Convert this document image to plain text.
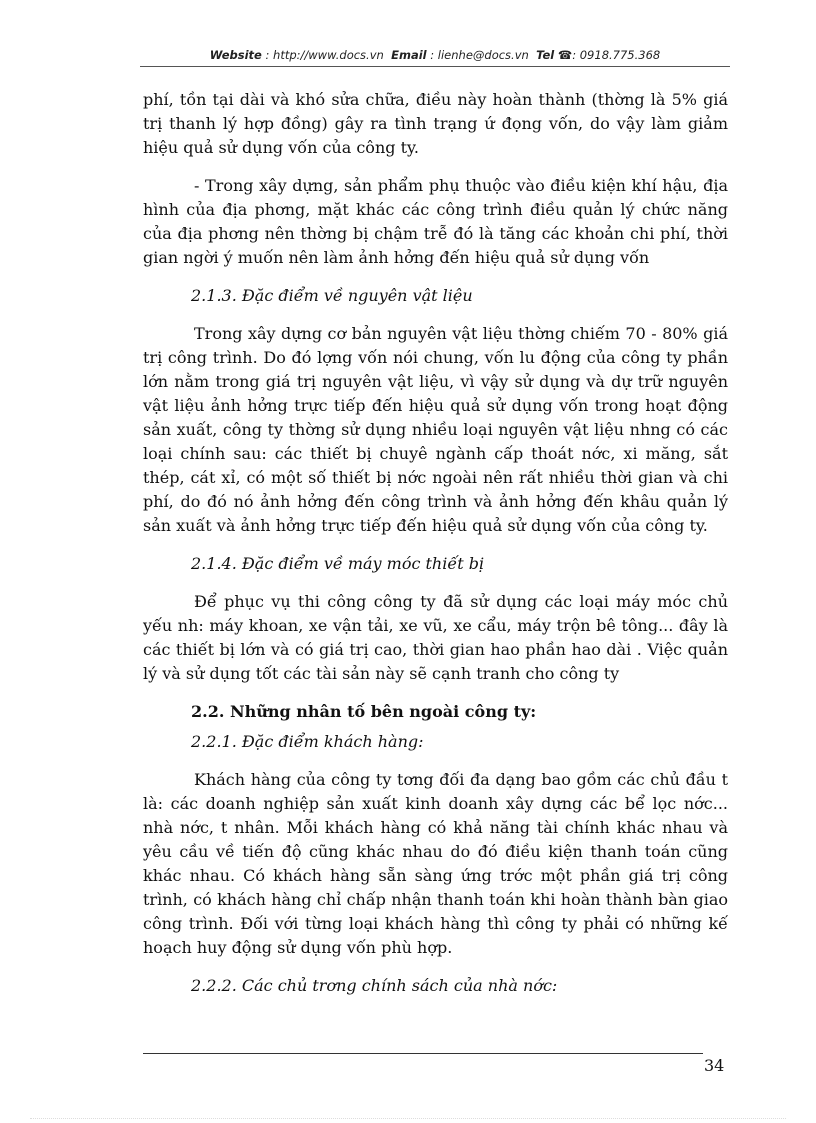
Website : http://www.docs.vn Email : lienhe@docs.vn Tel ☎: 0918.775.368

phí, tồn tại dài và khó sửa chữa, điều này hoàn thành (thờng là 5% giá trị thanh lý hợp đồng) gây ra tình trạng ứ đọng vốn, do vậy làm giảm hiệu quả sử dụng vốn của công ty.

- Trong xây dựng, sản phẩm phụ thuộc vào điều kiện khí hậu, địa hình của địa phơng, mặt khác các công trình điều quản lý chức năng của địa phơng nên thờng bị chậm trễ đó là tăng các khoản chi phí, thời gian ngời ý muốn nên làm ảnh hởng đến hiệu quả sử dụng vốn

2.1.3. Đặc điểm về nguyên vật liệu

Trong xây dựng cơ bản nguyên vật liệu thờng chiếm 70 - 80% giá trị công trình. Do đó lợng vốn nói chung, vốn lu động của công ty phần lớn nằm trong giá trị nguyên vật liệu, vì vậy sử dụng và dự trữ nguyên vật liệu ảnh hởng trực tiếp đến hiệu quả sử dụng vốn trong hoạt động sản xuất, công ty thờng sử dụng nhiều loại nguyên vật liệu nhng có các loại chính sau: các thiết bị chuyê ngành cấp thoát nớc, xi măng, sắt thép, cát xỉ, có một số thiết bị nớc ngoài nên rất nhiều thời gian và chi phí, do đó nó ảnh hởng đến công trình và ảnh hởng đến khâu quản lý sản xuất và ảnh hởng trực tiếp đến hiệu quả sử dụng vốn của công ty.

2.1.4. Đặc điểm về máy móc thiết bị

Để phục vụ thi công công ty đã sử dụng các loại máy móc chủ yếu nh: máy khoan, xe vận tải, xe vũ, xe cẩu, máy trộn bê tông... đây là các thiết bị lớn và có giá trị cao, thời gian hao phần hao dài . Việc quản lý và sử dụng tốt các tài sản này sẽ cạnh tranh cho công ty

2.2. Những nhân tố bên ngoài công ty:
2.2.1. Đặc điểm khách hàng:

Khách hàng của công ty tơng đối đa dạng bao gồm các chủ đầu t là: các doanh nghiệp sản xuất kinh doanh xây dựng các bể lọc nớc... nhà nớc, t nhân. Mỗi khách hàng có khả năng tài chính khác nhau và yêu cầu về tiến độ cũng khác nhau do đó điều kiện thanh toán cũng khác nhau. Có khách hàng sẵn sàng ứng trớc một phần giá trị công trình, có khách hàng chỉ chấp nhận thanh toán khi hoàn thành bàn giao công trình. Đối với từng loại khách hàng thì công ty phải có những kế hoạch huy động sử dụng vốn phù hợp.

2.2.2. Các chủ trơng chính sách của nhà nớc:
34
